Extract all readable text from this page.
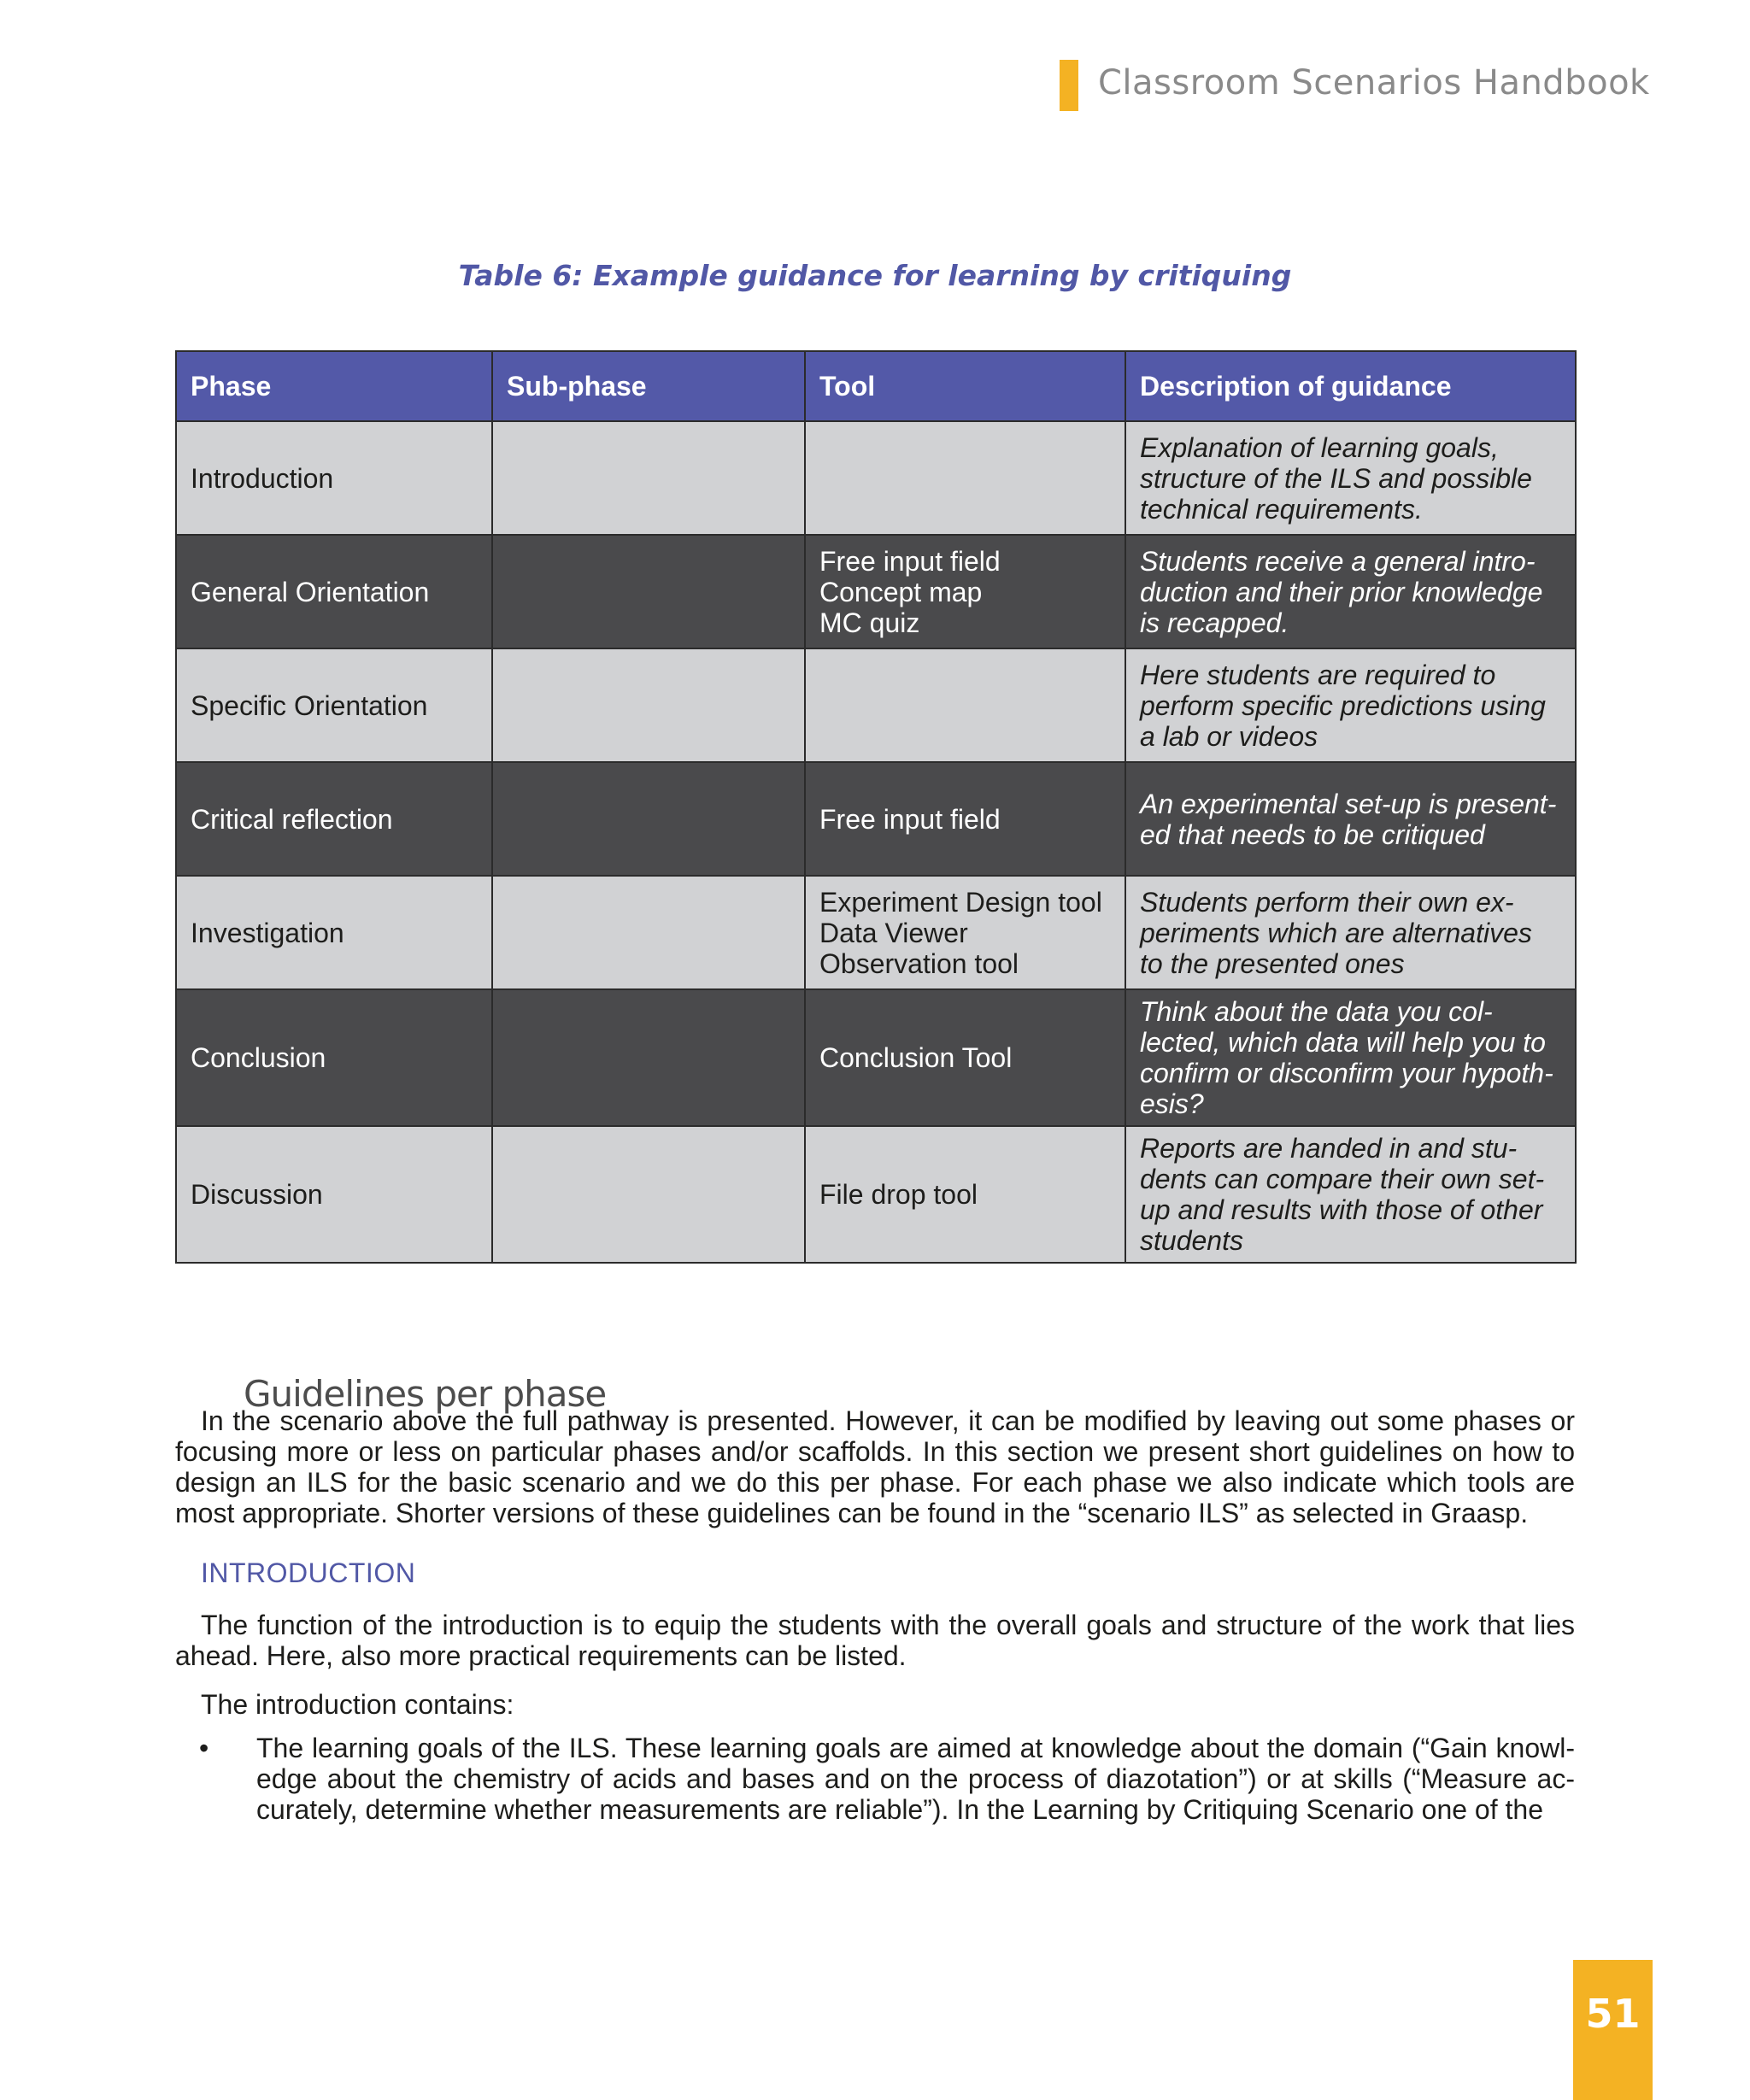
Classroom Scenarios Handbook
Table 6: Example guidance for learning by critiquing
Phase	Sub-phase	Tool	Description of guidance
Introduction			Explanation of learning goals, structure of the ILS and possible technical requirements.
General Orientation		Free input field
Concept map
MC quiz	Students receive a general intro-duction and their prior knowledge is recapped.
Specific Orientation			Here students are required to perform specific predictions using a lab or videos
Critical reflection		Free input field	An experimental set-up is present-ed that needs to be critiqued
Investigation		Experiment Design tool
Data Viewer
Observation tool	Students perform their own ex-periments which are alternatives to the presented ones
Conclusion		Conclusion Tool	Think about the data you col-lected, which data will help you to confirm or disconfirm your hypoth-esis?
Discussion		File drop tool	Reports are handed in and stu-dents can compare their own set-up and results with those of other students
Guidelines per phase

In the scenario above the full pathway is presented. However, it can be modified by leaving out some phases or focusing more or less on particular phases and/or scaffolds. In this section we present short guidelines on how to design an ILS for the basic scenario and we do this per phase. For each phase we also indicate which tools are most appropriate. Shorter versions of these guidelines can be found in the “scenario ILS” as selected in Graasp.

INTRODUCTION

The function of the introduction is to equip the students with the overall goals and structure of the work that lies ahead. Here, also more practical requirements can be listed.

The introduction contains:

• The learning goals of the ILS. These learning goals are aimed at knowledge about the domain (“Gain knowl-edge about the chemistry of acids and bases and on the process of diazotation”) or at skills (“Measure ac-curately, determine whether measurements are reliable”). In the Learning by Critiquing Scenario one of the

51
